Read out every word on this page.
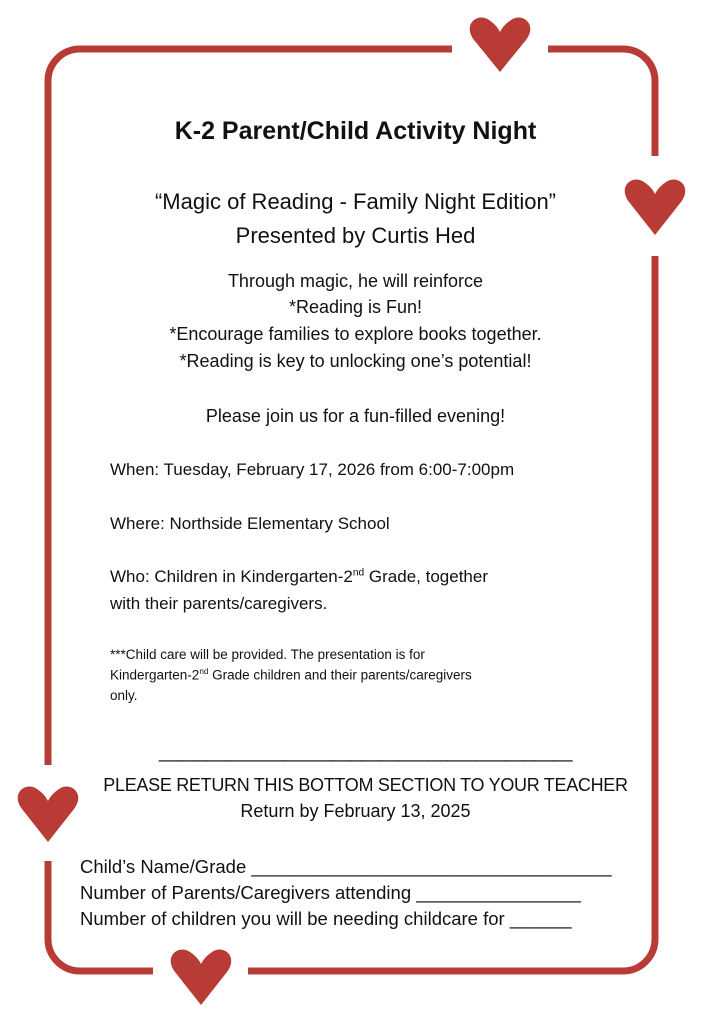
K-2 Parent/Child Activity Night
“Magic of Reading - Family Night Edition”
Presented by Curtis Hed
Through magic, he will reinforce
*Reading is Fun!
*Encourage families to explore books together.
*Reading is key to unlocking one’s potential!
Please join us for a fun-filled evening!
When: Tuesday, February 17, 2026 from 6:00-7:00pm
Where: Northside Elementary School
Who: Children in Kindergarten-2nd Grade, together
with their parents/caregivers.
***Child care will be provided. The presentation is for
Kindergarten-2nd Grade children and their parents/caregivers
only.
___________________________________________
PLEASE RETURN THIS BOTTOM SECTION TO YOUR TEACHER
Return by February 13, 2025
Child’s Name/Grade ___________________________________
Number of Parents/Caregivers attending ________________
Number of children you will be needing childcare for ______
